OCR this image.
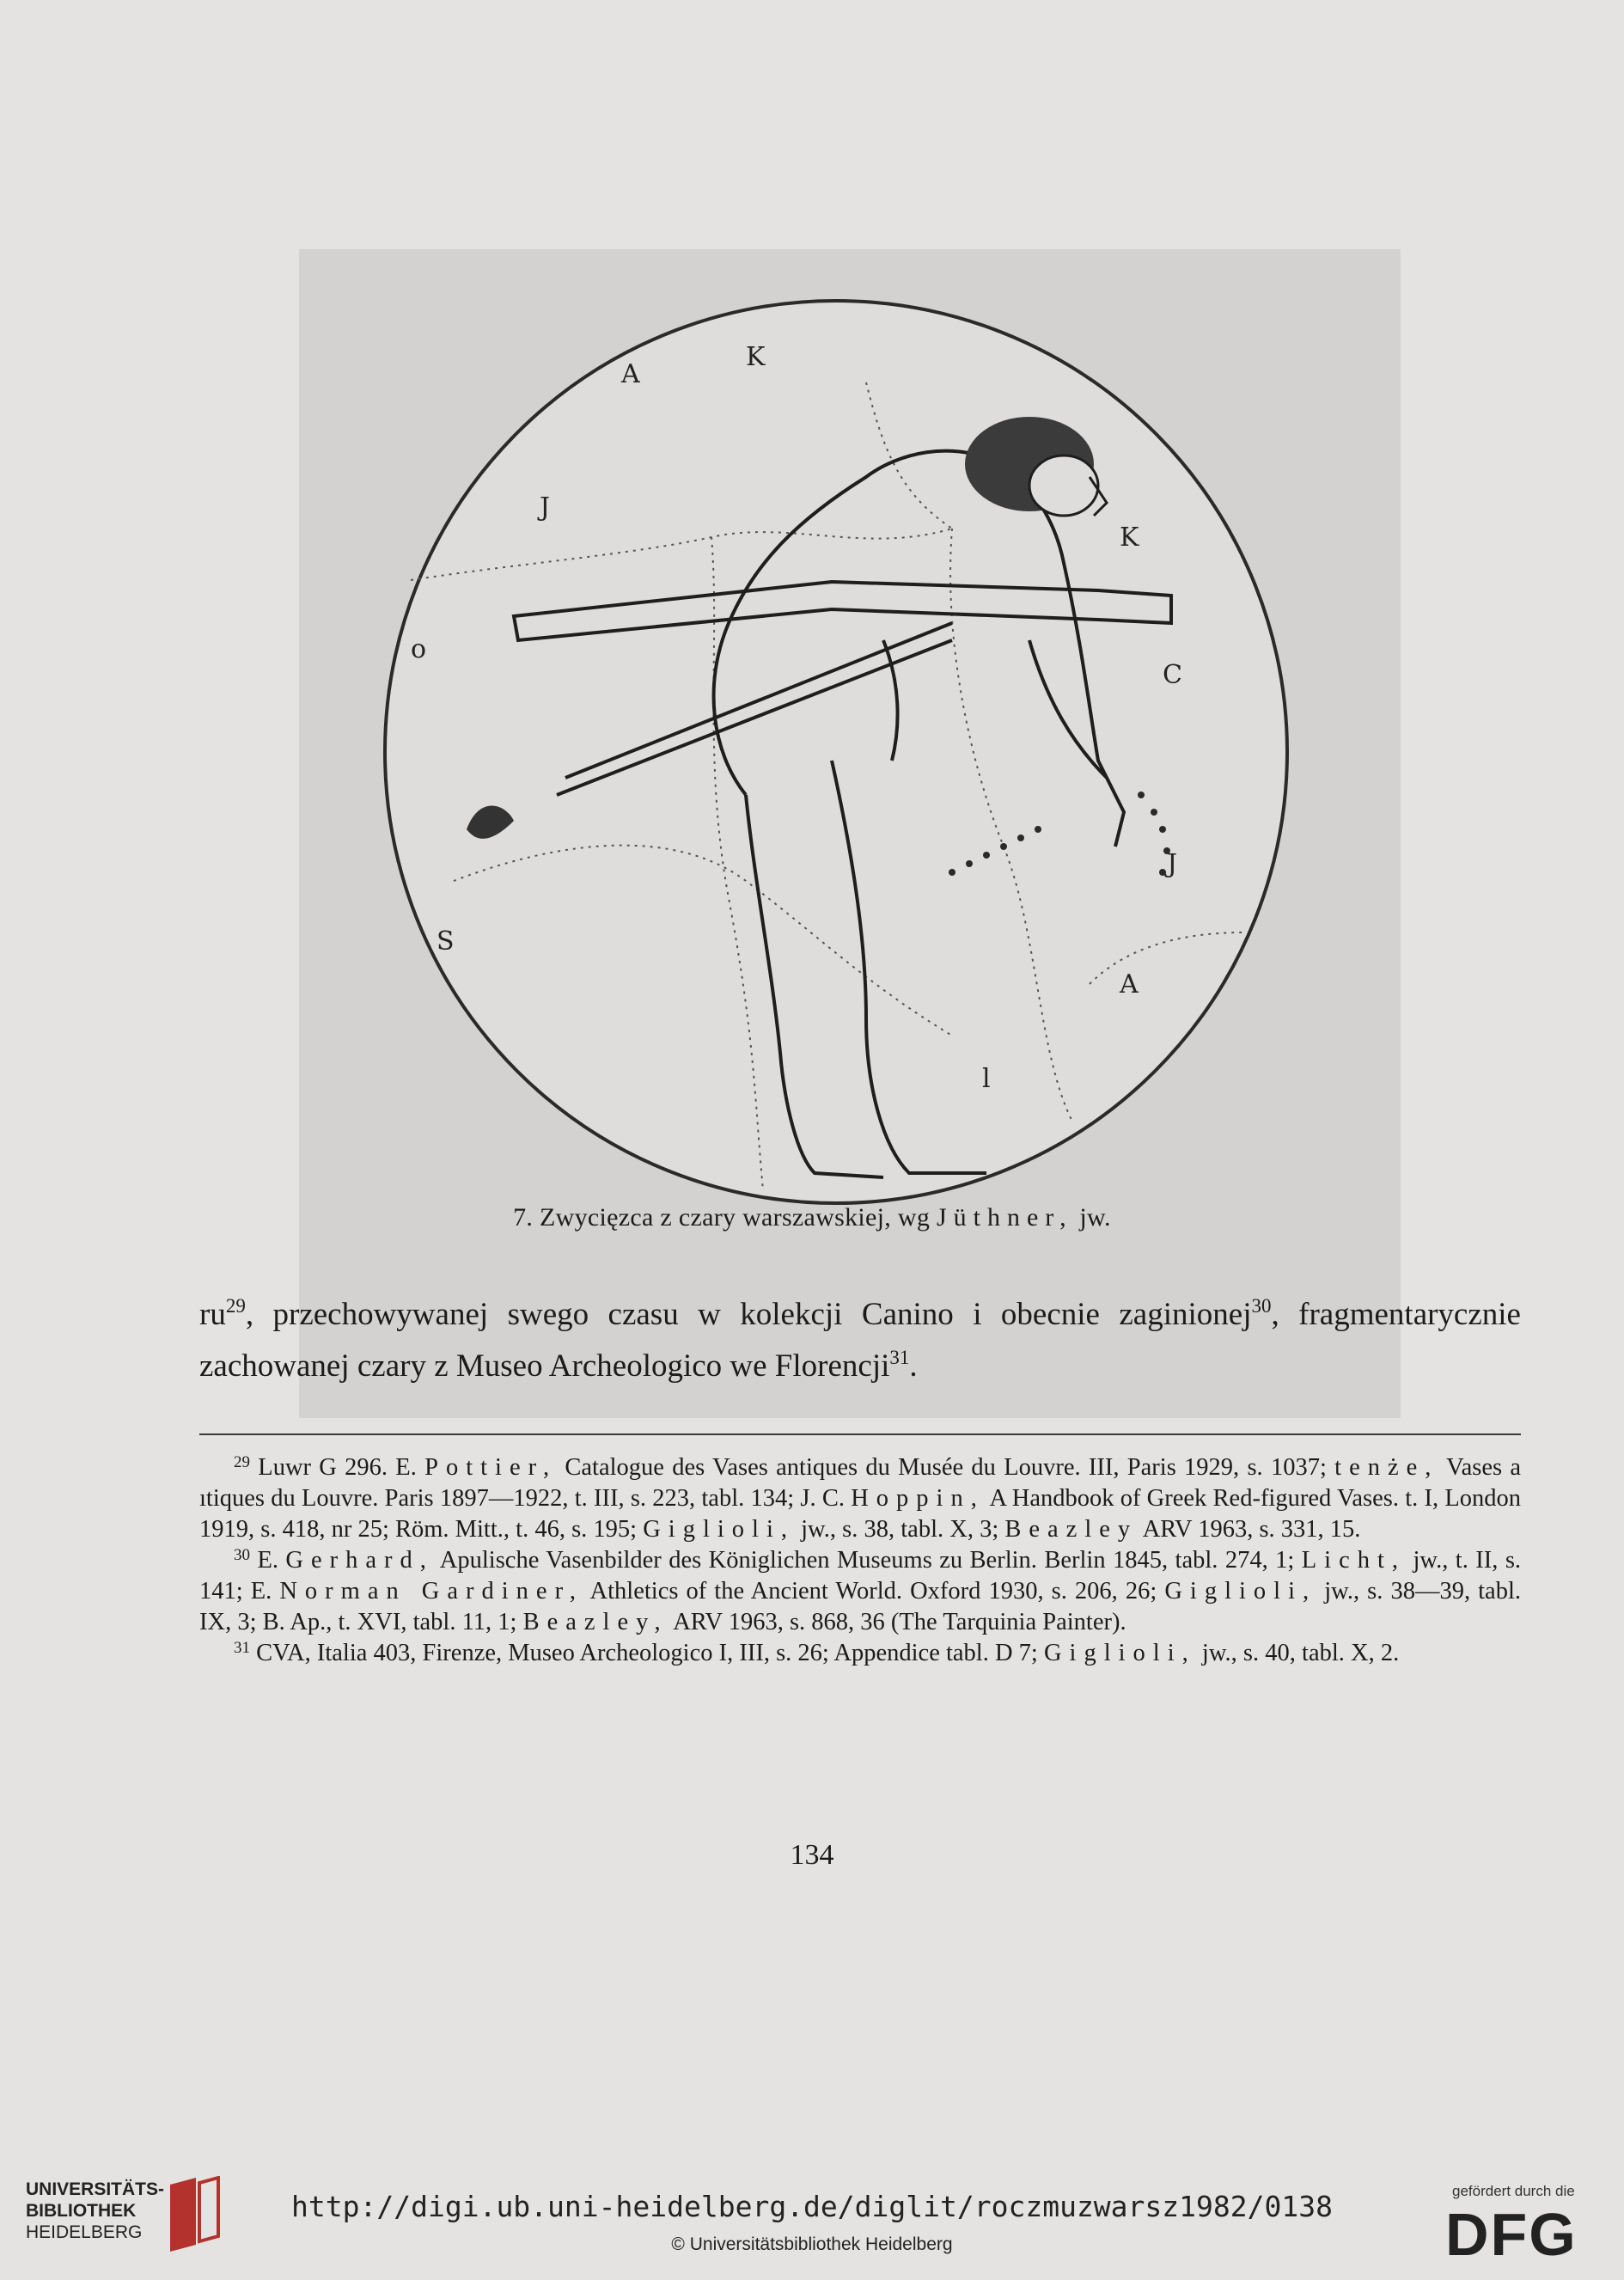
A
K
J
K
C
J
A
o
S
l
7. Zwycięzca z czary warszawskiej, wg Jüthner, jw.
$ru^{29}$, przechowywanej swego czasu w kolekcji Canino i obecnie zaginionej$^{30}$, fragmentarycznie zachowanej czary z Museo Archeologico we Florencji$^{31}$.

$^{29}$ Luwr G 296. E. Pottier, Catalogue des Vases antiques du Musée du Louvre. III, Paris 1929, s. 1037; tenże, Vases a ıtiques du Louvre. Paris 1897—1922, t. III, s. 223, tabl. 134; J. C. Hoppin, A Handbook of Greek Red-figured Vases. t. I, London 1919, s. 418, nr 25; Röm. Mitt., t. 46, s. 195; Giglioli, jw., s. 38, tabl. X, 3; Beazley ARV 1963, s. 331, 15.

$^{30}$ E. Gerhard, Apulische Vasenbilder des Königlichen Museums zu Berlin. Berlin 1845, tabl. 274, 1; Licht, jw., t. II, s. 141; E. Norman Gardiner, Athletics of the Ancient World. Oxford 1930, s. 206, 26; Giglioli, jw., s. 38—39, tabl. IX, 3; B. Ap., t. XVI, tabl. 11, 1; Beazley, ARV 1963, s. 868, 36 (The Tarquinia Painter).

$^{31}$ CVA, Italia 403, Firenze, Museo Archeologico I, III, s. 26; Appendice tabl. D 7; Giglioli, jw., s. 40, tabl. X, 2.

134
UNIVERSITÄTS-
BIBLIOTHEK
HEIDELBERG
http://digi.ub.uni-heidelberg.de/diglit/roczmuzwarsz1982/0138
© Universitätsbibliothek Heidelberg
gefördert durch die
DFG
